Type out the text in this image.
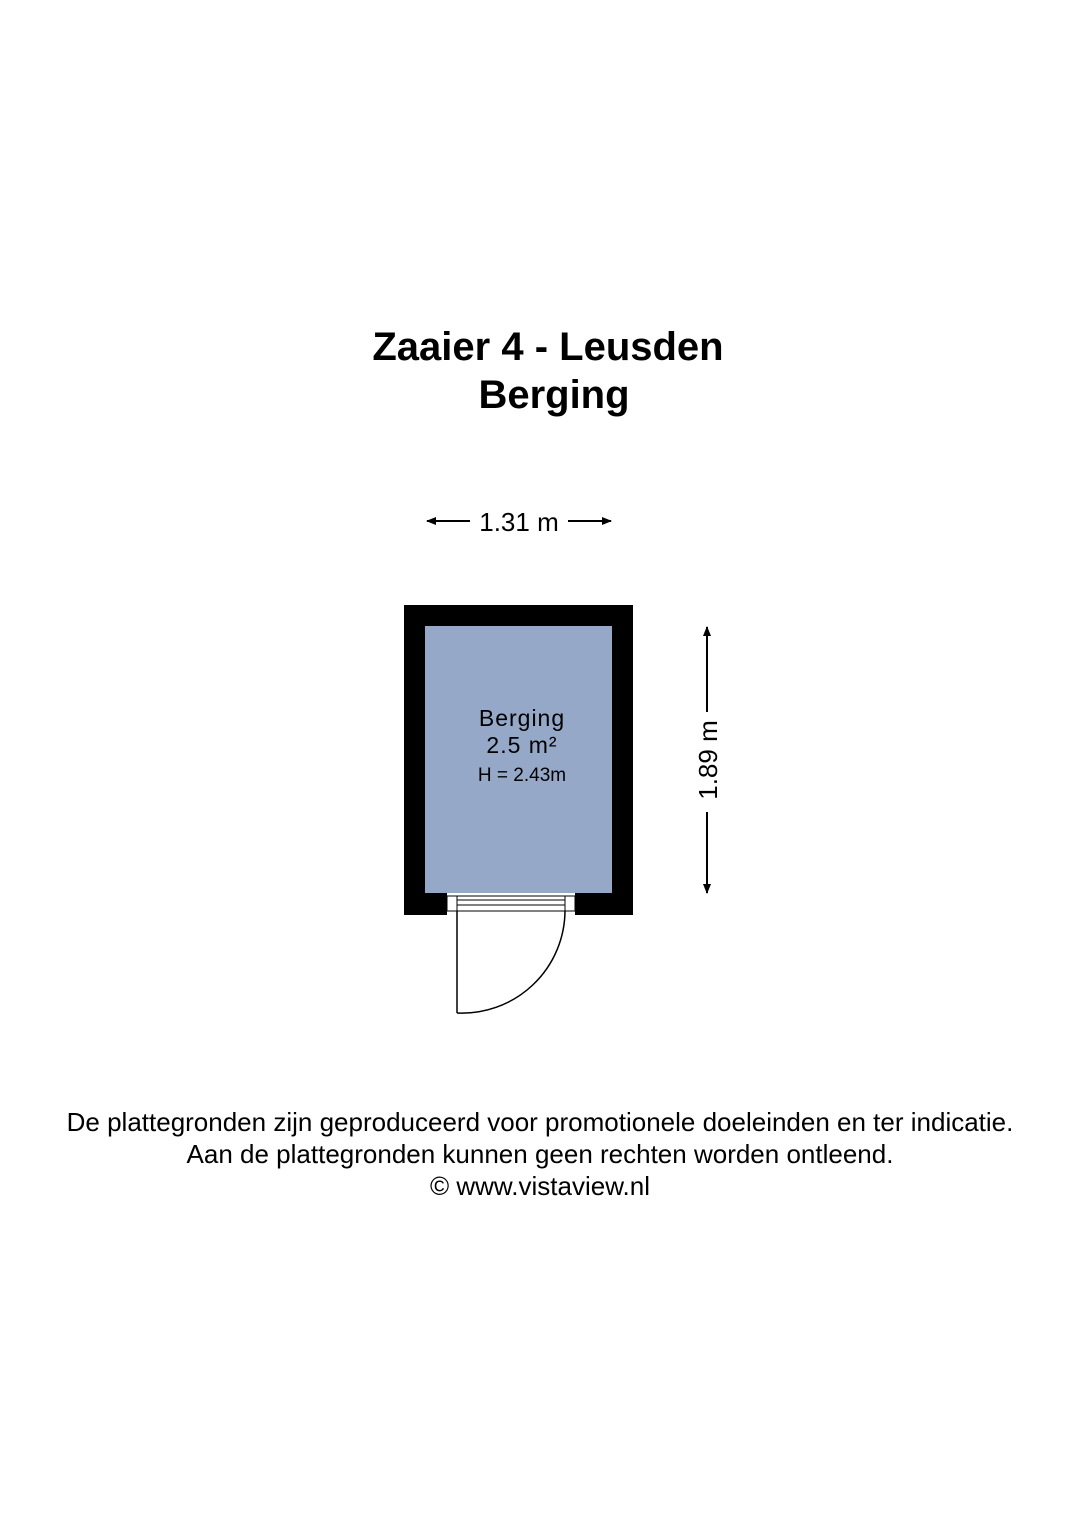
Zaaier 4 - Leusden
Berging
1.31 m
1.89 m
Berging
2.5 m²
H = 2.43m

De plattegronden zijn geproduceerd voor promotionele doeleinden en ter indicatie.

Aan de plattegronden kunnen geen rechten worden ontleend.

© www.vistaview.nl
